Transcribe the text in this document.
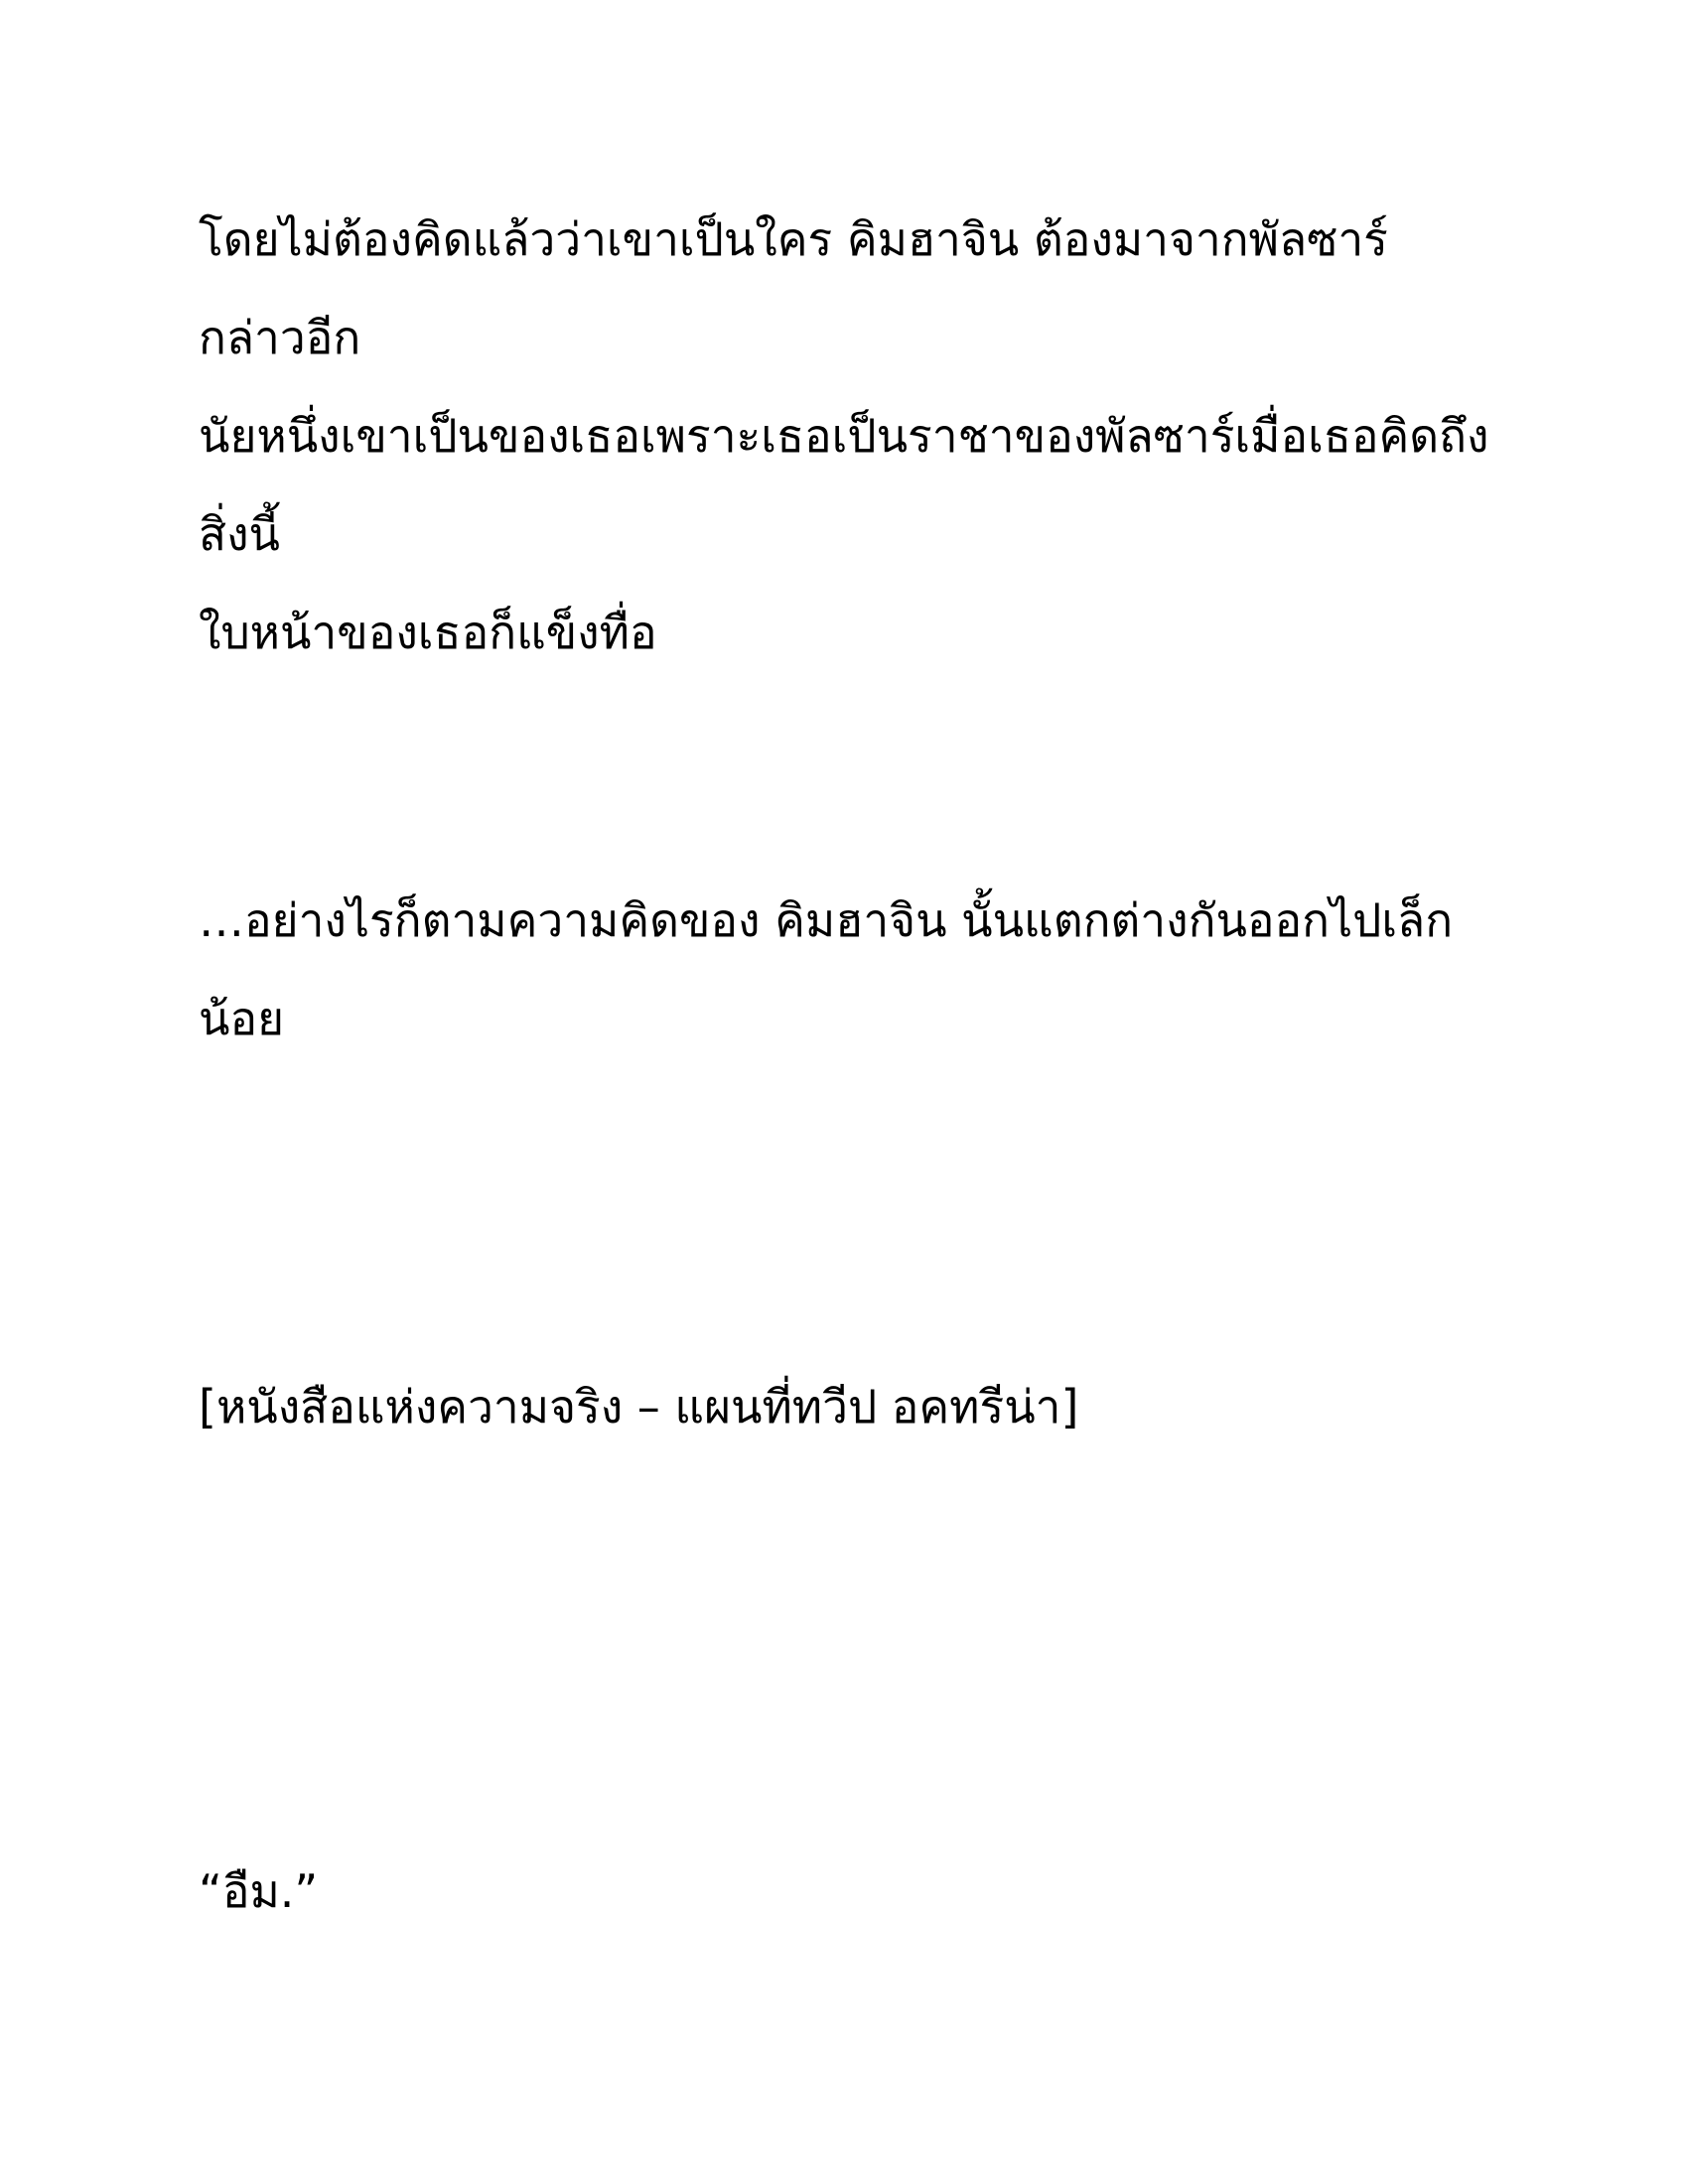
โดยไม่ต้องคิดแล้วว่าเขาเป็นใคร คิมฮาจิน ต้องมาจากพัลซาร์ กล่าวอีก
นัยหนึ่งเขาเป็นของเธอเพราะเธอเป็นราชาของพัลซาร์เมื่อเธอคิดถึงสิ่งนี้
ใบหน้าของเธอก็แข็งทื่อ

…อย่างไรก็ตามความคิดของ คิมฮาจิน นั้นแตกต่างกันออกไปเล็กน้อย

[หนังสือแห่งความจริง – แผนที่ทวีป อคทรีน่า]

“อืม.”
